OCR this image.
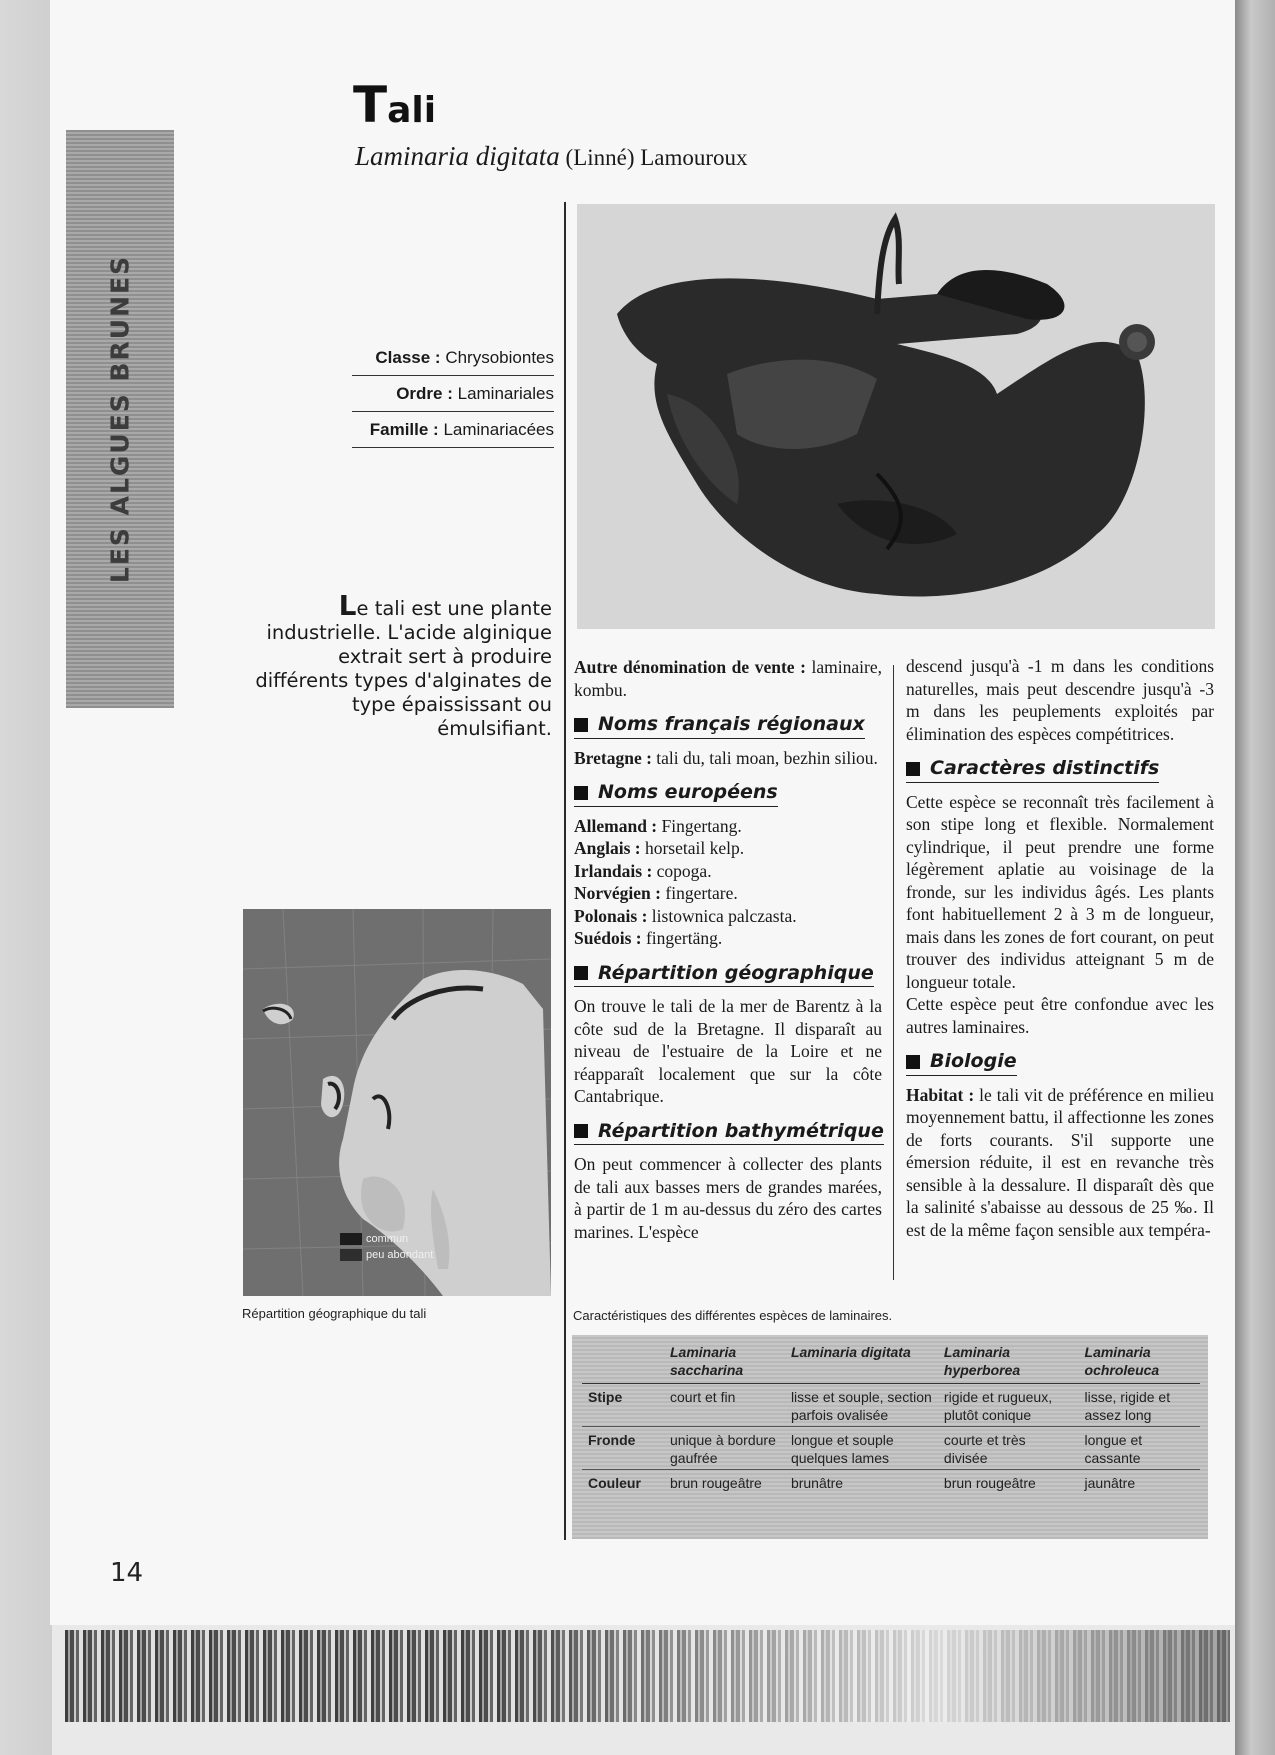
LES ALGUES BRUNES
Tali
Laminaria digitata (Linné) Lamouroux
Classe : Chrysobiontes
Ordre : Laminariales
Famille : Laminariacées
Le tali est une plante industrielle. L'acide alginique extrait sert à produire différents types d'alginates de type épaississant ou émulsifiant.
commun
peu abondant
Répartition géographique du tali

Autre dénomination de vente : laminaire, kombu.

Noms français régionaux

Bretagne : tali du, tali moan, bezhin siliou.

Noms européens

Allemand : Fingertang.
Anglais : horsetail kelp.
Irlandais : copoga.
Norvégien : fingertare.
Polonais : listownica palczasta.
Suédois : fingertäng.

Répartition géographique

On trouve le tali de la mer de Barentz à la côte sud de la Bretagne. Il disparaît au niveau de l'estuaire de la Loire et ne réapparaît localement que sur la côte Cantabrique.

Répartition bathymétrique

On peut commencer à collecter des plants de tali aux basses mers de grandes marées, à partir de 1 m au-dessus du zéro des cartes marines. L'espèce

descend jusqu'à -1 m dans les conditions naturelles, mais peut descendre jusqu'à -3 m dans les peuplements exploités par élimination des espèces compétitrices.

Caractères distinctifs

Cette espèce se reconnaît très facilement à son stipe long et flexible. Normalement cylindrique, il peut prendre une forme légèrement aplatie au voisinage de la fronde, sur les individus âgés. Les plants font habituellement 2 à 3 m de longueur, mais dans les zones de fort courant, on peut trouver des individus atteignant 5 m de longueur totale.

Cette espèce peut être confondue avec les autres laminaires.

Biologie

Habitat : le tali vit de préférence en milieu moyennement battu, il affectionne les zones de forts courants. S'il supporte une émersion réduite, il est en revanche très sensible à la dessalure. Il disparaît dès que la salinité s'abaisse au dessous de 25 ‰. Il est de la même façon sensible aux tempéra-

Caractéristiques des différentes espèces de laminaires.
	Laminaria saccharina	Laminaria digitata	Laminaria hyperborea	Laminaria ochroleuca
Stipe	court et fin	lisse et souple, section parfois ovalisée	rigide et rugueux, plutôt conique	lisse, rigide et assez long
Fronde	unique à bordure gaufrée	longue et souple quelques lames	courte et très divisée	longue et cassante
Couleur	brun rougeâtre	brunâtre	brun rougeâtre	jaunâtre
14
